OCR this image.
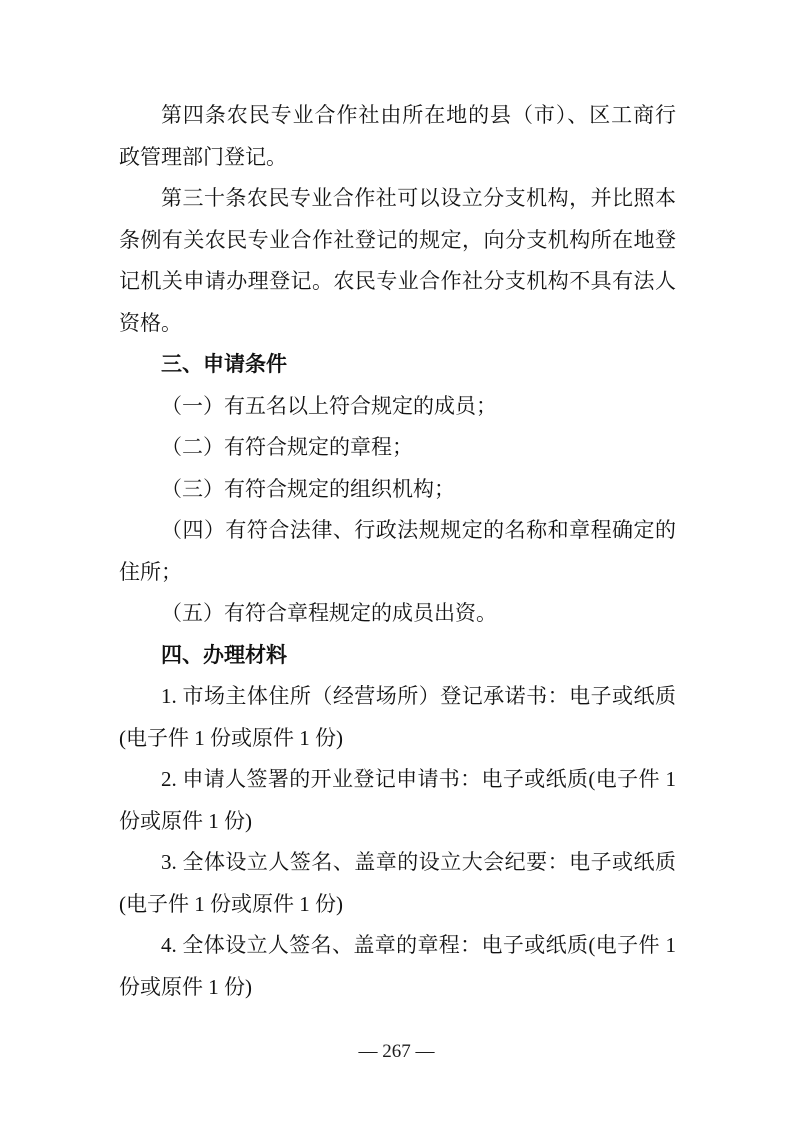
第四条农民专业合作社由所在地的县（市）、区工商行
政管理部门登记。
第三十条农民专业合作社可以设立分支机构，并比照本
条例有关农民专业合作社登记的规定，向分支机构所在地登
记机关申请办理登记。农民专业合作社分支机构不具有法人
资格。
三、申请条件
（一）有五名以上符合规定的成员；
（二）有符合规定的章程；
（三）有符合规定的组织机构；
（四）有符合法律、行政法规规定的名称和章程确定的
住所；
（五）有符合章程规定的成员出资。
四、办理材料
1. 市场主体住所（经营场所）登记承诺书：电子或纸质
(电子件 1 份或原件 1 份)
2. 申请人签署的开业登记申请书：电子或纸质(电子件 1
份或原件 1 份)
3. 全体设立人签名、盖章的设立大会纪要：电子或纸质
(电子件 1 份或原件 1 份)
4. 全体设立人签名、盖章的章程：电子或纸质(电子件 1
份或原件 1 份)
— 267 —
